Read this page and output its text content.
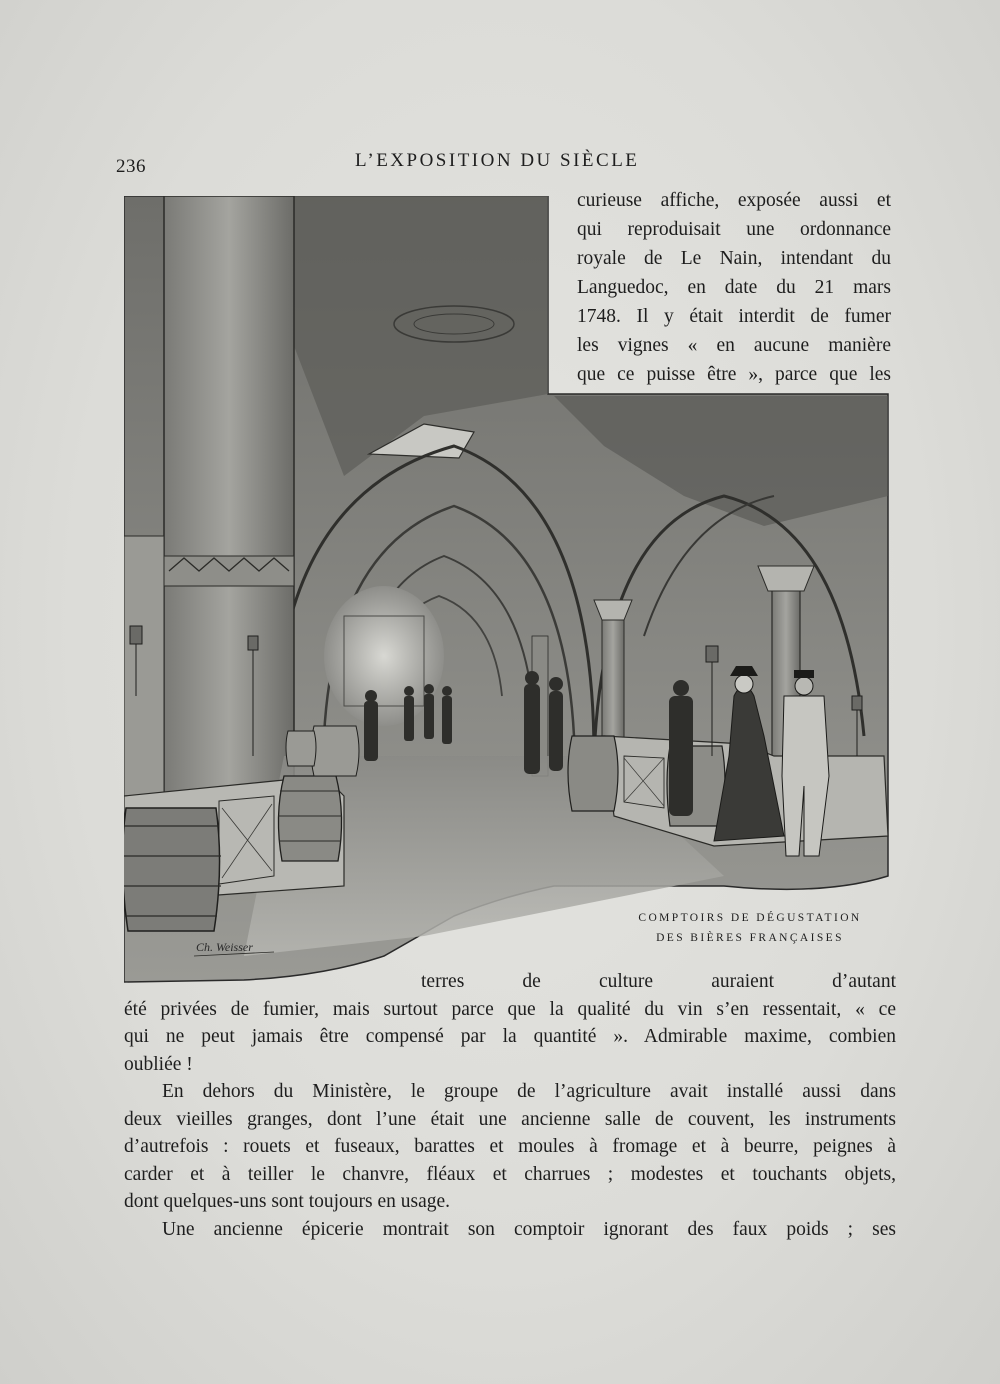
236	L’EXPOSITION DU SIÈCLE
curieuse affiche, exposée aussi et
qui reproduisait une ordonnance
royale de Le Nain, intendant du
Languedoc, en date du 21 mars
1748. Il y était interdit de fumer
les vignes « en aucune manière
que ce puisse être », parce que les
Ch. Weisser
COMPTOIRS DE DÉGUSTATION
DES BIÈRES FRANÇAISES
terres de culture auraient d’autant
été privées de fumier, mais surtout parce que la qualité du vin s’en ressentait, « ce
qui ne peut jamais être compensé par la quantité ». Admirable maxime, combien
oubliée !
En dehors du Ministère, le groupe de l’agriculture avait installé aussi dans
deux vieilles granges, dont l’une était une ancienne salle de couvent, les instruments
d’autrefois : rouets et fuseaux, barattes et moules à fromage et à beurre, peignes à
carder et à teiller le chanvre, fléaux et charrues ; modestes et touchants objets,
dont quelques-uns sont toujours en usage.
Une ancienne épicerie montrait son comptoir ignorant des faux poids ; ses
